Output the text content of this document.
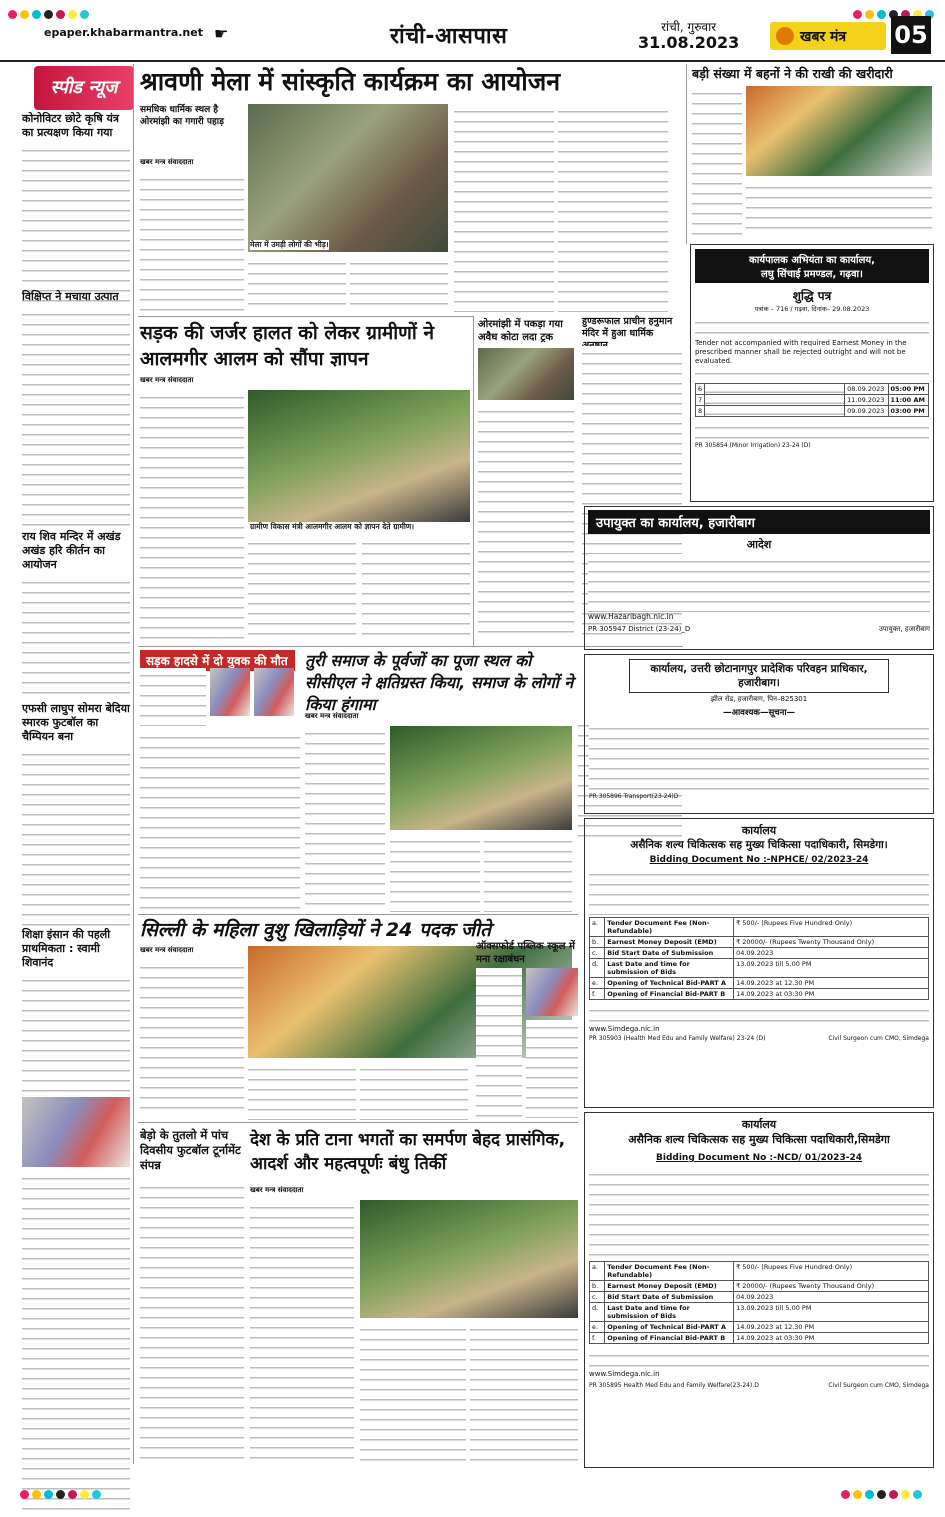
epaper.khabarmantra.net ☛	रांची-आसपास	रांची, गुरुवार
31.08.2023	खबर मंत्र 05
स्पीड न्यूज
कोनोविटर छोटे कृषि यंत्र का प्रत्यक्षण किया गया
विक्षिप्त ने मचाया उत्पात
राय शिव मन्दिर में अखंड अखंड हरि कीर्तन का आयोजन
एफसी लाघुप सोमरा बेदिया स्मारक फुटबॉल का चैम्पियन बना
शिक्षा इंसान की पहली प्राथमिकता : स्वामी शिवानंद
श्रावणी मेला में सांस्कृति कार्यक्रम का आयोजन
समधिक धार्मिक स्थल है ओरमांझी का गगारी पहाड़
मेला में उमड़ी लोगों की भीड़।
खबर मन्त्र संवाददाता
सड़क की जर्जर हालत को लेकर ग्रामीणों ने आलमगीर आलम को सौंपा ज्ञापन
खबर मन्त्र संवाददाता
ग्रामीण विकास मंत्री आलमगीर आलम को ज्ञापन देते ग्रामीण।
ओरमांझी में पकड़ा गया अवैध कोटा लदा ट्रक
हुण्डरूफाल प्राचीन हनुमान मंदिर में हुआ धार्मिक
सड़क हादसे में दो युवक की मौत	तुरी समाज के पूर्वजों का पूजा स्थल को सीसीएल ने क्षतिग्रस्त किया, समाज के लोगों ने किया हंगामा
खबर मन्त्र संवाददाता
सिल्ली के महिला वुशु खिलाड़ियों ने 24 पदक जीते
खबर मन्त्र संवाददाता	ऑक्सफोर्ड पब्लिक स्कूल में मना रक्षाबंधन
बेड़ो के तुतलो में पांच दिवसीय फुटबॉल टूर्नामेंट संपन्न
देश के प्रति टाना भगतों का समर्पण बेहद प्रासंगिक, आदर्श और महत्वपूर्णः बंधु तिर्की
खबर मन्त्र संवाददाता
बड़ी संख्या में बहनों ने की राखी की खरीदारी
कार्यपालक अभियंता का कार्यालय,
लघु सिंचाई प्रमण्डल, गढ़वा।
शुद्धि पत्र
पत्रांक – 716 / गढ़वा, दिनांक– 29.08.2023
Tender not accompanied with required Earnest Money in the prescribed manner shall be rejected outright and will not be evaluated.
6		08.09.2023	05:00 PM
7		11.09.2023	11:00 AM
8		09.09.2023	03:00 PM
PR 305854 (Minor Irrigation) 23-24 (D)
उपायुक्त का कार्यालय, हजारीबाग
आदेश
www.Hazaribagh.nic.in
PR 305947 District (23-24)_D	उपायुक्त, हजारीबाग
कार्यालय, उत्तरी छोटानागपुर प्रादेशिक परिवहन प्राधिकार, हजारीबाग।
झील रोड, हजारीबाग, पिन–825301
—आवश्यक—सूचना—
PR 305896 Transport(23-24)D
कार्यालय
असैनिक शल्य चिकित्सक सह मुख्य चिकित्सा पदाधिकारी, सिमडेगा।
Bidding Document No :-NPHCE/ 02/2023-24
a.	Tender Document Fee (Non-Refundable)	₹ 500/- (Rupees Five Hundred Only)
b.	Earnest Money Deposit (EMD)	₹ 20000/- (Rupees Twenty Thousand Only)
c.	Bid Start Date of Submission	04.09.2023
d.	Last Date and time for submission of Bids	13.09.2023 till 5.00 PM
e.	Opening of Technical Bid-PART A	14.09.2023 at 12.30 PM
f.	Opening of Financial Bid-PART B	14.09.2023 at 03:30 PM
www.Simdega.nic.in
PR 305903 (Health Med Edu and Family Welfare) 23-24 (D)	Civil Surgeon cum CMO, Simdega
कार्यालय
असैनिक शल्य चिकित्सक सह मुख्य चिकित्सा पदाधिकारी,सिमडेगा
Bidding Document No :-NCD/ 01/2023-24
a.	Tender Document Fee (Non-Refundable)	₹ 500/- (Rupees Five Hundred Only)
b.	Earnest Money Deposit (EMD)	₹ 20000/- (Rupees Twenty Thousand Only)
c.	Bid Start Date of Submission	04.09.2023
d.	Last Date and time for submission of Bids	13.09.2023 till 5.00 PM
e.	Opening of Technical Bid-PART A	14.09.2023 at 12.30 PM
f.	Opening of Financial Bid-PART B	14.09.2023 at 03:30 PM
www.Simdega.nic.in
PR 305895 Health Med Edu and Family Welfare(23-24).D	Civil Surgeon cum CMO, Simdega
